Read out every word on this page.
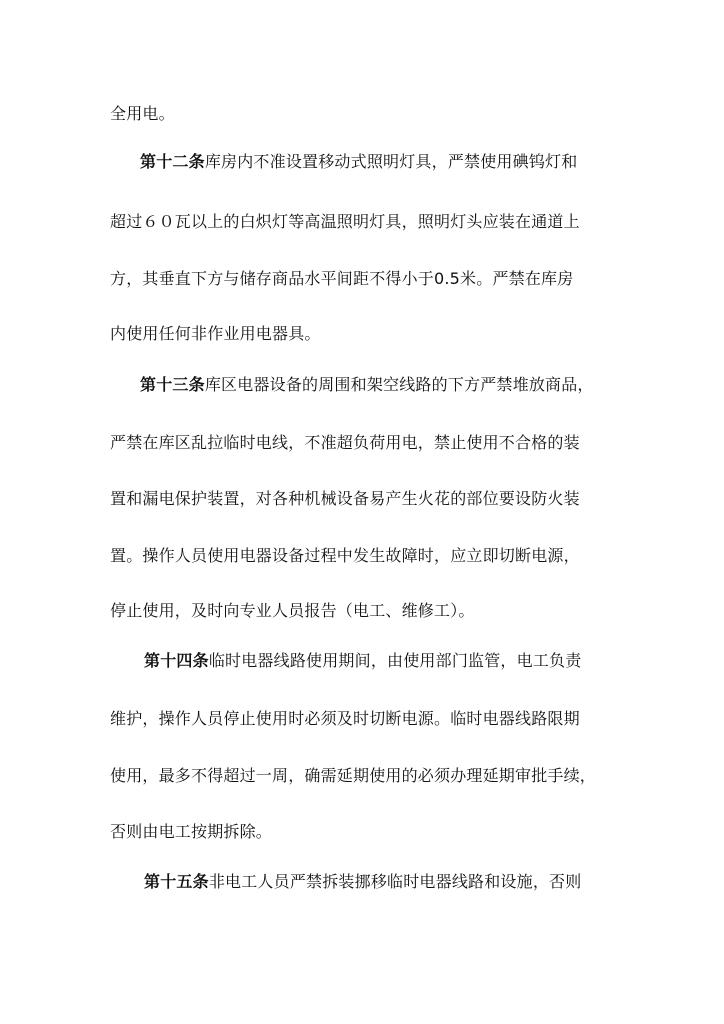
全用电。
第十二条库房内不准设置移动式照明灯具，严禁使用碘钨灯和
超过６０瓦以上的白炽灯等高温照明灯具，照明灯头应装在通道上
方，其垂直下方与储存商品水平间距不得小于0.5米。严禁在库房
内使用任何非作业用电器具。
第十三条库区电器设备的周围和架空线路的下方严禁堆放商品，
严禁在库区乱拉临时电线，不准超负荷用电，禁止使用不合格的装
置和漏电保护装置，对各种机械设备易产生火花的部位要设防火装
置。操作人员使用电器设备过程中发生故障时，应立即切断电源，
停止使用，及时向专业人员报告（电工、维修工）。
第十四条临时电器线路使用期间，由使用部门监管，电工负责
维护，操作人员停止使用时必须及时切断电源。临时电器线路限期
使用，最多不得超过一周，确需延期使用的必须办理延期审批手续，
否则由电工按期拆除。
第十五条非电工人员严禁拆装挪移临时电器线路和设施，否则
